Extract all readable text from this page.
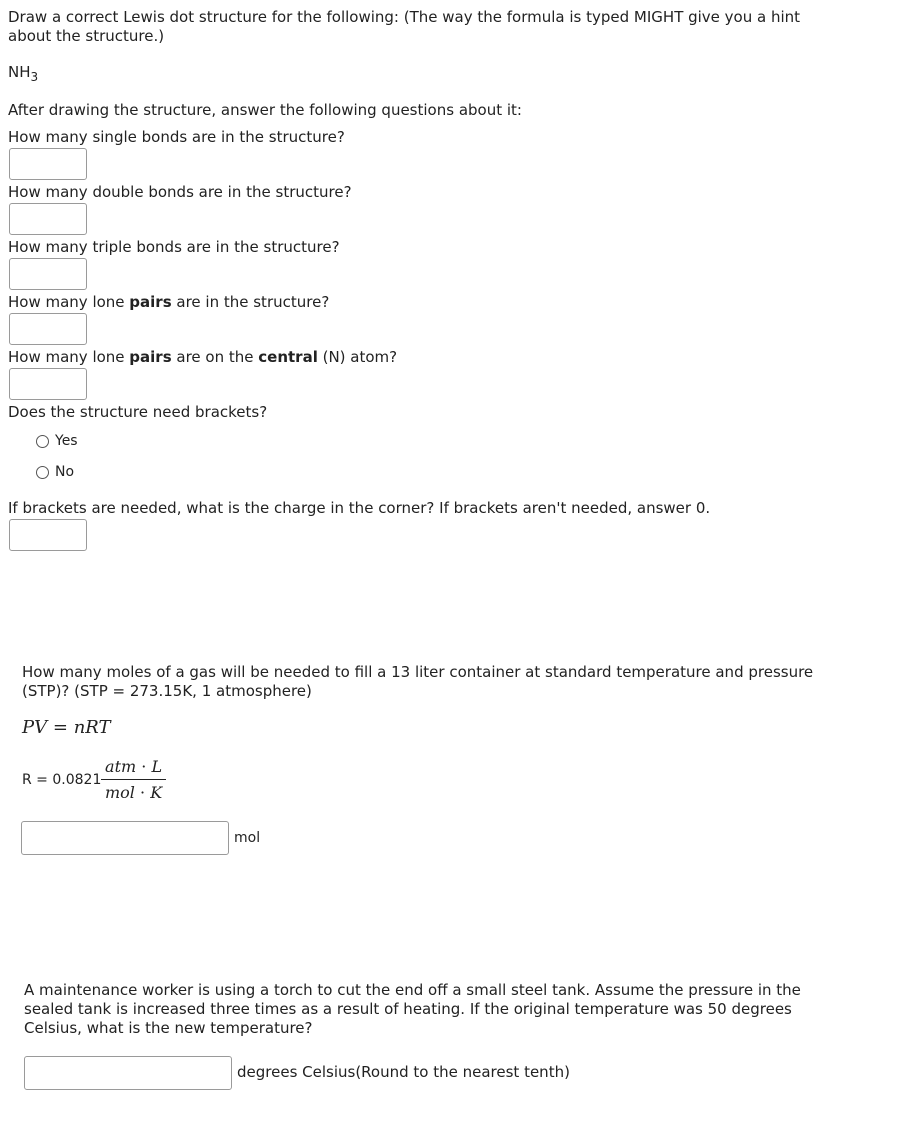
Draw a correct Lewis dot structure for the following: (The way the formula is typed MIGHT give you a hint
about the structure.)
$NH_3$
After drawing the structure, answer the following questions about it:
How many single bonds are in the structure?
How many double bonds are in the structure?
How many triple bonds are in the structure?
How many lone pairs are in the structure?
How many lone pairs are on the central (N) atom?
Does the structure need brackets?
Yes
No
If brackets are needed, what is the charge in the corner? If brackets aren't needed, answer 0.
How many moles of a gas will be needed to fill a 13 liter container at standard temperature and pressure
(STP)? (STP = 273.15K, 1 atmosphere)
PV = nRT
R = 0.0821
atm · L
mol · K
mol
A maintenance worker is using a torch to cut the end off a small steel tank. Assume the pressure in the
sealed tank is increased three times as a result of heating. If the original temperature was 50 degrees
Celsius, what is the new temperature?
degrees Celsius(Round to the nearest tenth)
